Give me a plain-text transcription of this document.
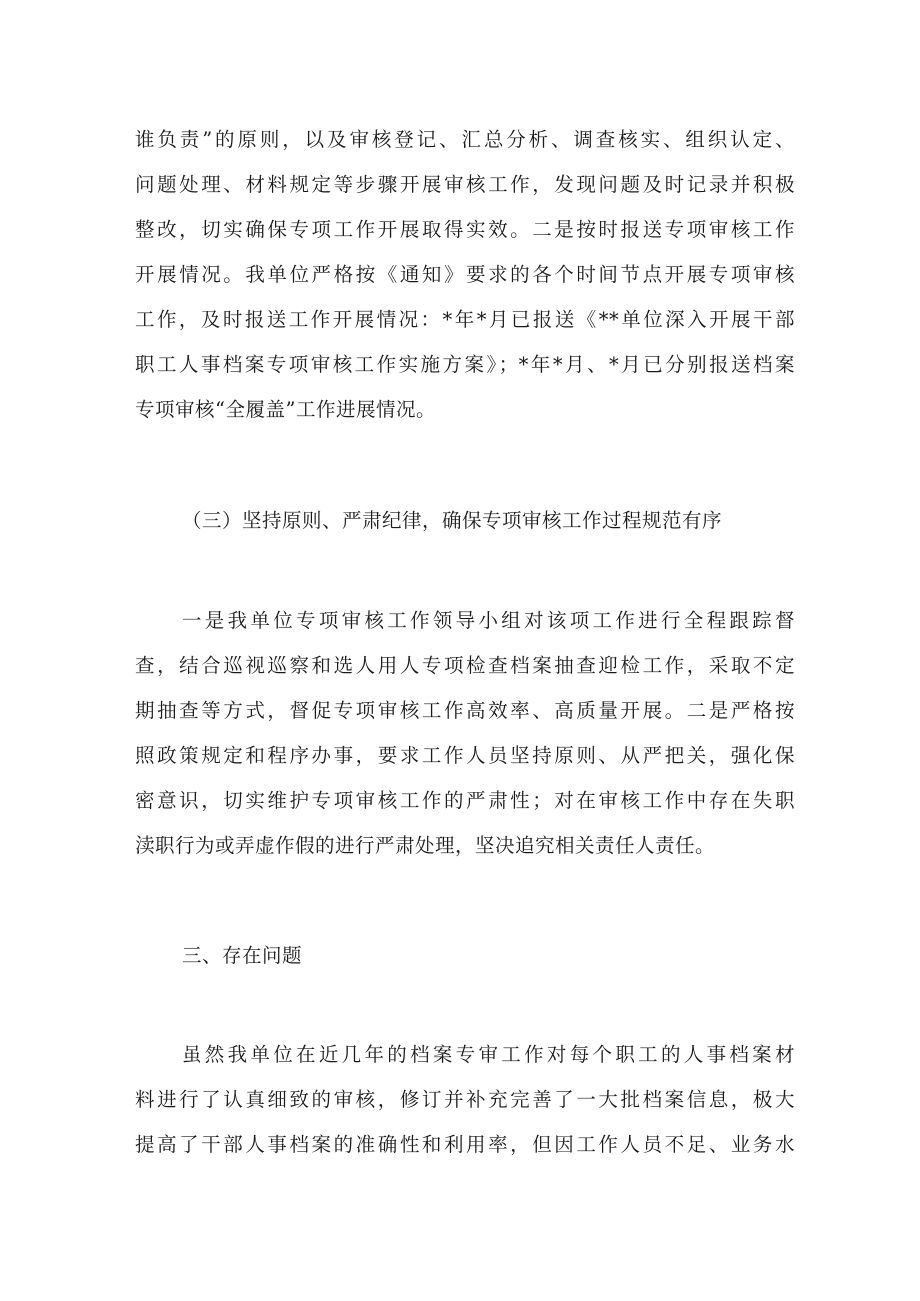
谁负责”的原则，以及审核登记、汇总分析、调查核实、组织认定、
问题处理、材料规定等步骤开展审核工作，发现问题及时记录并积极
整改，切实确保专项工作开展取得实效。二是按时报送专项审核工作
开展情况。我单位严格按《通知》要求的各个时间节点开展专项审核
工作，及时报送工作开展情况：*年*月已报送《**单位深入开展干部
职工人事档案专项审核工作实施方案》；*年*月、*月已分别报送档案
专项审核“全履盖”工作进展情况。
（三）坚持原则、严肃纪律，确保专项审核工作过程规范有序
一是我单位专项审核工作领导小组对该项工作进行全程跟踪督
查，结合巡视巡察和选人用人专项检查档案抽查迎检工作，采取不定
期抽查等方式，督促专项审核工作高效率、高质量开展。二是严格按
照政策规定和程序办事，要求工作人员坚持原则、从严把关，强化保
密意识，切实维护专项审核工作的严肃性；对在审核工作中存在失职
渎职行为或弄虚作假的进行严肃处理，坚决追究相关责任人责任。
三、存在问题
虽然我单位在近几年的档案专审工作对每个职工的人事档案材
料进行了认真细致的审核，修订并补充完善了一大批档案信息，极大
提高了干部人事档案的准确性和利用率，但因工作人员不足、业务水
